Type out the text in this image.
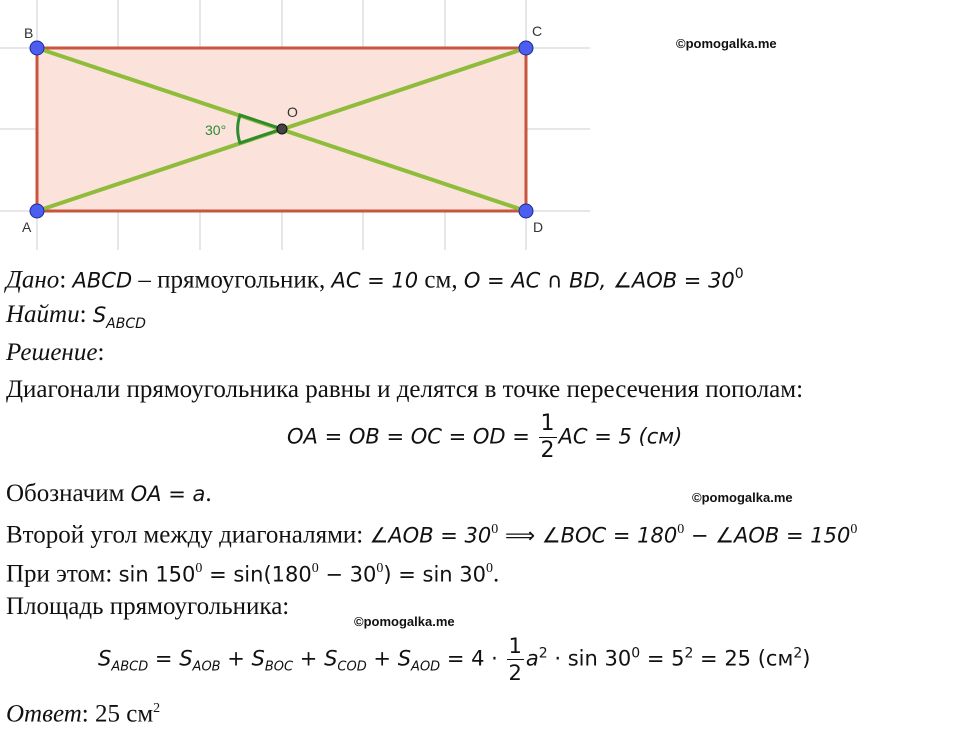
B	C
A	D
O
30°
©pomogalka.me
©pomogalka.me
©pomogalka.me
Дано: ABCD – прямоугольник, AC = 10 см, O = AC ∩ BD, ∠AOB = $30^0$
Найти: $S_{ABCD}$
Решение:
Диагонали прямоугольника равны и делятся в точке пересечения пополам:
OA = OB = OC = OD = $\frac{1}{2}$ AC = 5 (см)
Обозначим OA = a.
Второй угол между диагоналями: ∠AOB = $30^0$ ⟹ ∠BOC = $180^0$ − ∠AOB = $150^0$
При этом: $\sin 150^0 = \sin(180^0 - 30^0) = \sin 30^0$.
Площадь прямоугольника:
$S_{ABCD} = S_{AOB} + S_{BOC} + S_{COD} + S_{AOD} = 4 \cdot \frac{1}{2} a^2 \cdot \sin 30^0 = 5^2 = 25$ $(см^2)$
Ответ: 25 $см^2$
